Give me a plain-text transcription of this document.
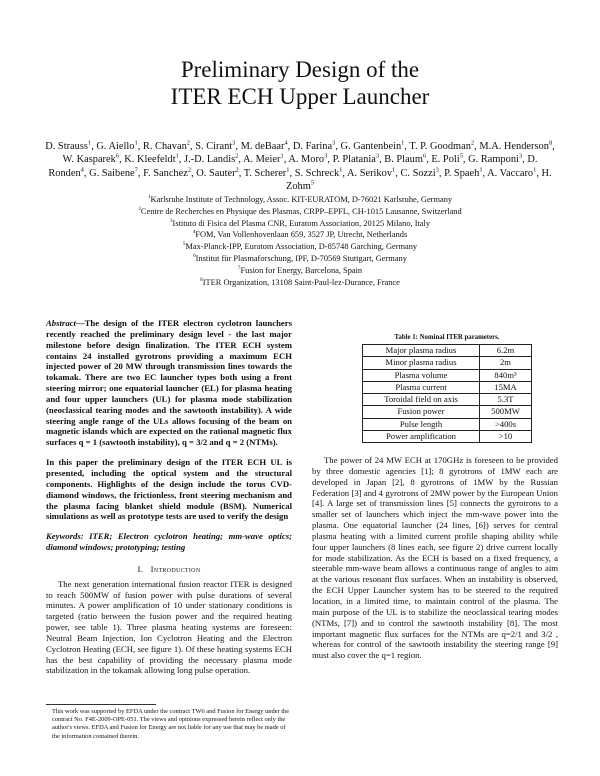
Preliminary Design of the
ITER ECH Upper Launcher
D. Strauss$^1$, G. Aiello$^1$, R. Chavan$^2$, S. Cirant$^3$, M. deBaar$^4$, D. Farina$^3$, G. Gantenbein$^1$, T. P. Goodman$^2$, M.A. Henderson$^8$, W. Kasparek$^6$, K. Kleefeldt$^1$, J.-D. Landis$^2$, A. Meier$^1$, A. Moro$^3$, P. Platania$^3$, B. Plaum$^6$, E. Poli$^5$, G. Ramponi$^3$, D. Ronden$^4$, G. Saibene$^7$, F. Sanchez$^2$, O. Sauter$^2$, T. Scherer$^1$, S. Schreck$^1$, A. Serikov$^1$, C. Sozzi$^3$, P. Spaeh$^1$, A. Vaccaro$^1$, H. Zohm$^5$
$^1$Karlsruhe Institute of Technology, Assoc. KIT-EURATOM, D-76021 Karlsruhe, Germany
$^2$Centre de Recherches en Physique des Plasmas, CRPP–EPFL, CH-1015 Lausanne, Switzerland
$^3$Istituto di Fisica del Plasma CNR, Euratom Association, 20125 Milano, Italy
$^4$FOM, Van Vollenhovenlaan 659, 3527 JP, Utrecht, Netherlands
$^5$Max-Planck-IPP, Euratom Association, D-85748 Garching, Germany
$^6$Institut für Plasmaforschung, IPF, D-70569 Stuttgart, Germany
$^7$Fusion for Energy, Barcelona, Spain
$^8$ITER Organization, 13108 Saint-Paul-lez-Durance, France

Abstract—The design of the ITER electron cyclotron launchers recently reached the preliminary design level - the last major milestone before design finalization. The ITER ECH system contains 24 installed gyrotrons providing a maximum ECH injected power of 20 MW through transmission lines towards the tokamak. There are two EC launcher types both using a front steering mirror; one equatorial launcher (EL) for plasma heating and four upper launchers (UL) for plasma mode stabilization (neoclassical tearing modes and the sawtooth instability). A wide steering angle range of the ULs allows focusing of the beam on magnetic islands which are expected on the rational magnetic flux surfaces q = 1 (sawtooth instability), q = 3/2 and q = 2 (NTMs).

In this paper the preliminary design of the ITER ECH UL is presented, including the optical system and the structural components. Highlights of the design include the torus CVD-diamond windows, the frictionless, front steering mechanism and the plasma facing blanket shield module (BSM). Numerical simulations as well as prototype tests are used to verify the design

Keywords: ITER; Electron cyclotron heating; mm-wave optics; diamond windows; prototyping; testing

I. Introduction

The next generation international fusion reactor ITER is designed to reach 500MW of fusion power with pulse durations of several minutes. A power amplification of 10 under stationary conditions is targeted (ratio between the fusion power and the required heating power, see table 1). Three plasma heating systems are foreseen: Neutral Beam Injection, Ion Cyclotron Heating and the Electron Cyclotron Heating (ECH, see figure 1). Of these heating systems ECH has the best capability of providing the necessary plasma mode stabilization in the tokamak allowing long pulse operation.

Table 1: Nominal ITER parameters.
Major plasma radius	6.2m
Minor plasma radius	2m
Plasma volume	840m³
Plasma current	15MA
Toroidal field on axis	5.3T
Fusion power	500MW
Pulse length	>400s
Power amplification	>10

The power of 24 MW ECH at 170GHz is foreseen to be provided by three domestic agencies [1]; 8 gyrotrons of 1MW each are developed in Japan [2], 8 gyrotrons of 1MW by the Russian Federation [3] and 4 gyrotrons of 2MW power by the European Union [4]. A large set of transmission lines [5] connects the gyrotrons to a smaller set of launchers which inject the mm-wave power into the plasma. One equatorial launcher (24 lines, [6]) serves for central plasma heating with a limited current profile shaping ability while four upper launchers (8 lines each, see figure 2) drive current locally for mode stabilization. As the ECH is based on a fixed frequency, a steerable mm-wave beam allows a continuous range of angles to aim at the various resonant flux surfaces. When an instability is observed, the ECH Upper Launcher system has to be steered to the required location, in a limited time, to maintain control of the plasma. The main purpose of the UL is to stabilize the neoclassical tearing modes (NTMs, [7]) and to control the sawtooth instability [8]. The most important magnetic flux surfaces for the NTMs are q=2/1 and 3/2 , whereas for control of the sawtooth instability the steering range [9] must also cover the q=1 region.

This work was supported by EFDA under the contract TW6 and Fusion for Energy under the contract No. F4E-2009-OPE-051. The views and opinions expressed herein reflect only the author's views. EFDA and Fusion for Energy are not liable for any use that may be made of the information contained therein.
